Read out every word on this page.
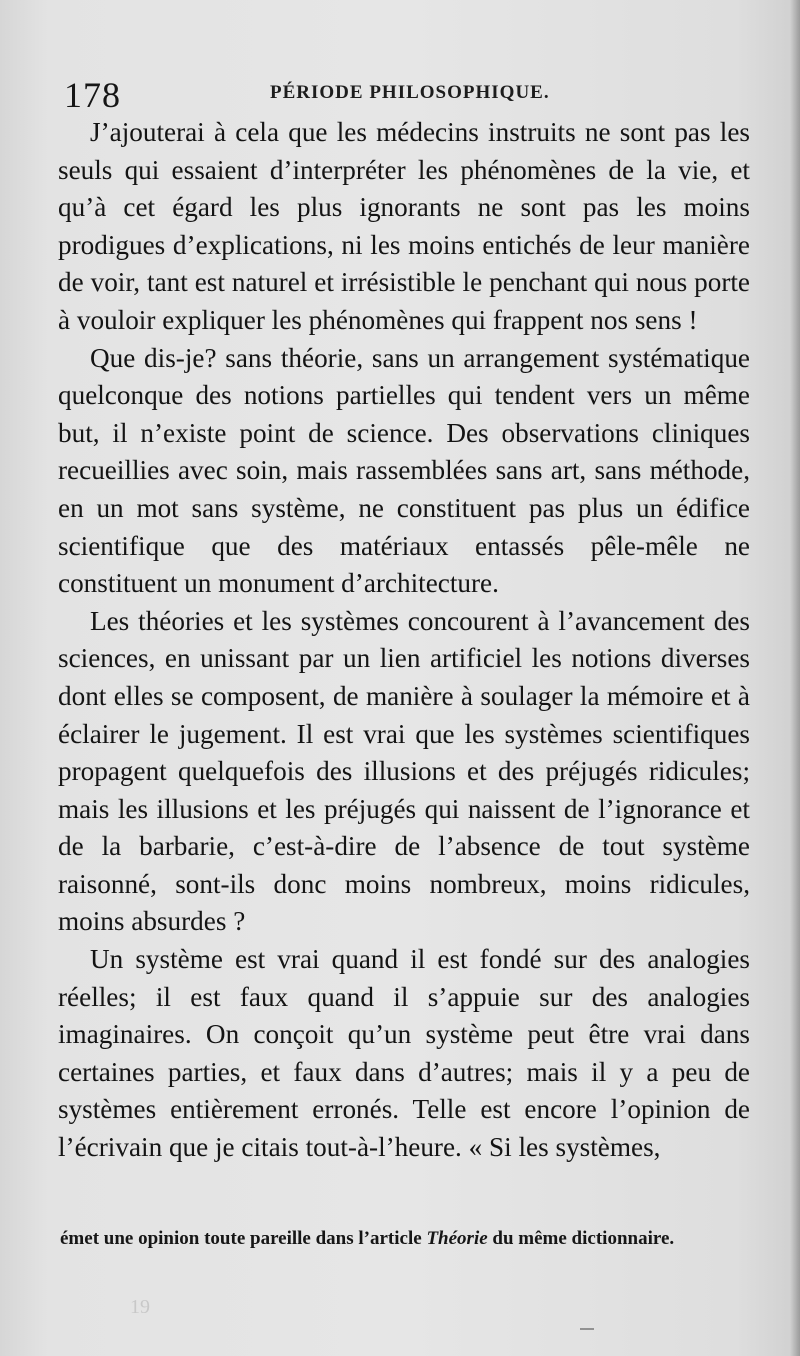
178	PÉRIODE PHILOSOPHIQUE.

J’ajouterai à cela que les médecins instruits ne sont pas les seuls qui essaient d’interpréter les phénomènes de la vie, et qu’à cet égard les plus ignorants ne sont pas les moins prodigues d’explications, ni les moins entichés de leur manière de voir, tant est naturel et irrésistible le penchant qui nous porte à vouloir expliquer les phénomènes qui frappent nos sens !

Que dis-je? sans théorie, sans un arrangement systématique quelconque des notions partielles qui tendent vers un même but, il n’existe point de science. Des observations cliniques recueillies avec soin, mais rassemblées sans art, sans méthode, en un mot sans système, ne constituent pas plus un édifice scientifique que des matériaux entassés pêle-mêle ne constituent un monument d’architecture.

Les théories et les systèmes concourent à l’avancement des sciences, en unissant par un lien artificiel les notions diverses dont elles se composent, de manière à soulager la mémoire et à éclairer le jugement. Il est vrai que les systèmes scientifiques propagent quelquefois des illusions et des préjugés ridicules; mais les illusions et les préjugés qui naissent de l’ignorance et de la barbarie, c’est-à-dire de l’absence de tout système raisonné, sont-ils donc moins nombreux, moins ridicules, moins absurdes ?

Un système est vrai quand il est fondé sur des analogies réelles; il est faux quand il s’appuie sur des analogies imaginaires. On conçoit qu’un système peut être vrai dans certaines parties, et faux dans d’autres; mais il y a peu de systèmes entièrement erronés. Telle est encore l’opinion de l’écrivain que je citais tout-à-l’heure. « Si les systèmes,

émet une opinion toute pareille dans l’article Théorie du même dictionnaire.
19
